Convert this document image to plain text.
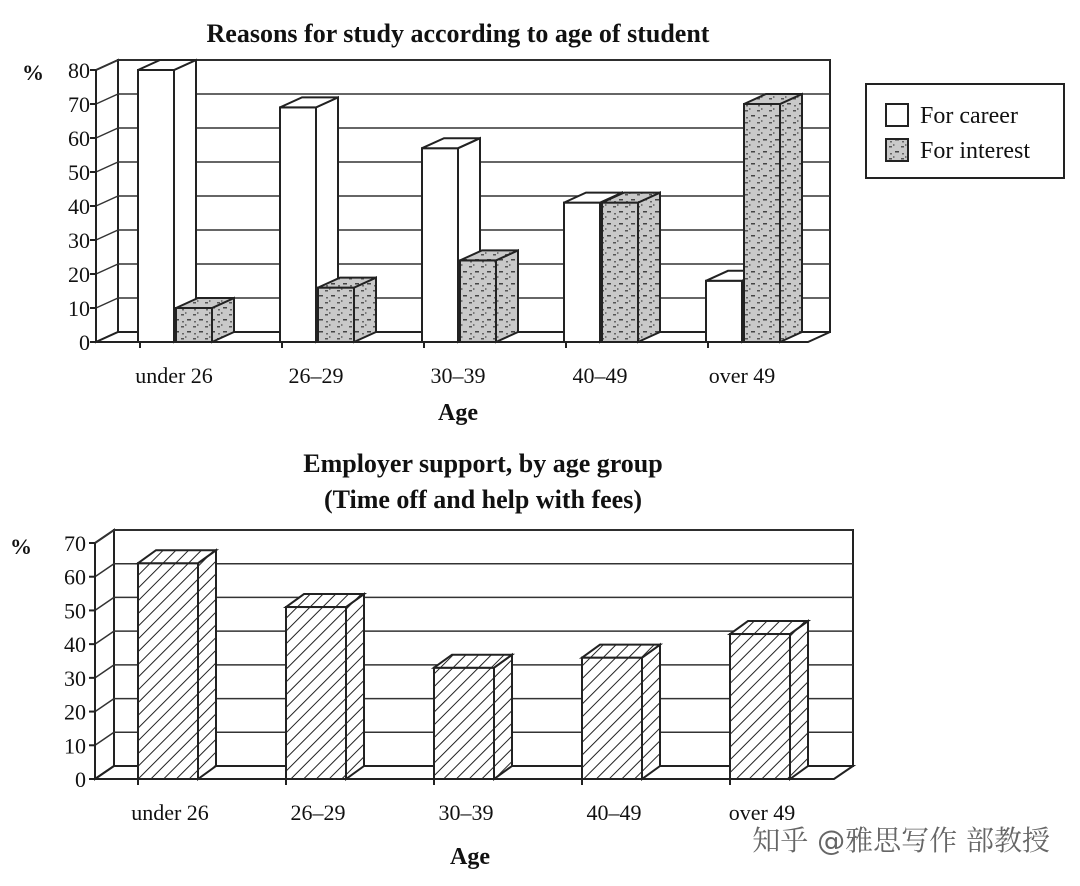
Reasons for study according to age of student
%
0
10
20
30
40
50
60
70
80
under 26	26–29	30–39	40–49	over 49
Age
For career
For interest
Employer support, by age group
(Time off and help with fees)
%
0
10
20
30
40
50
60
70
under 26	26–29	30–39	40–49	over 49
Age	知乎 @雅思写作 部教授
